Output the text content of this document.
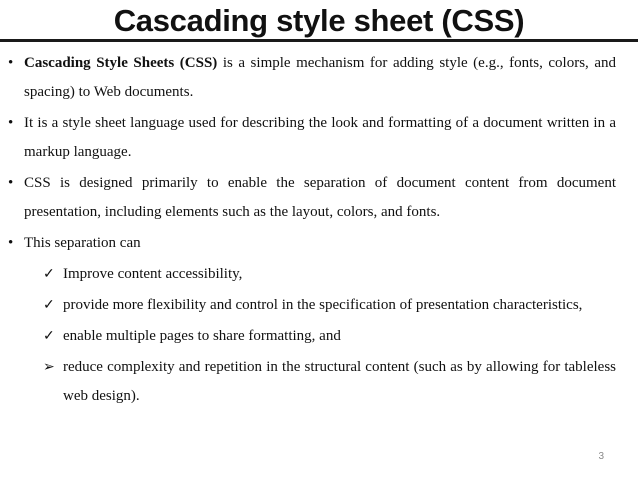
Cascading style sheet (CSS)
• Cascading Style Sheets (CSS) is a simple mechanism for adding style (e.g., fonts, colors, and spacing) to Web documents.
• It is a style sheet language used for describing the look and formatting of a document written in a markup language.
• CSS is designed primarily to enable the separation of document content from document presentation, including elements such as the layout, colors, and fonts.
• This separation can
✓ Improve content accessibility,
✓ provide more flexibility and control in the specification of presentation characteristics,
✓ enable multiple pages to share formatting, and
➢ reduce complexity and repetition in the structural content (such as by allowing for tableless web design).
3
